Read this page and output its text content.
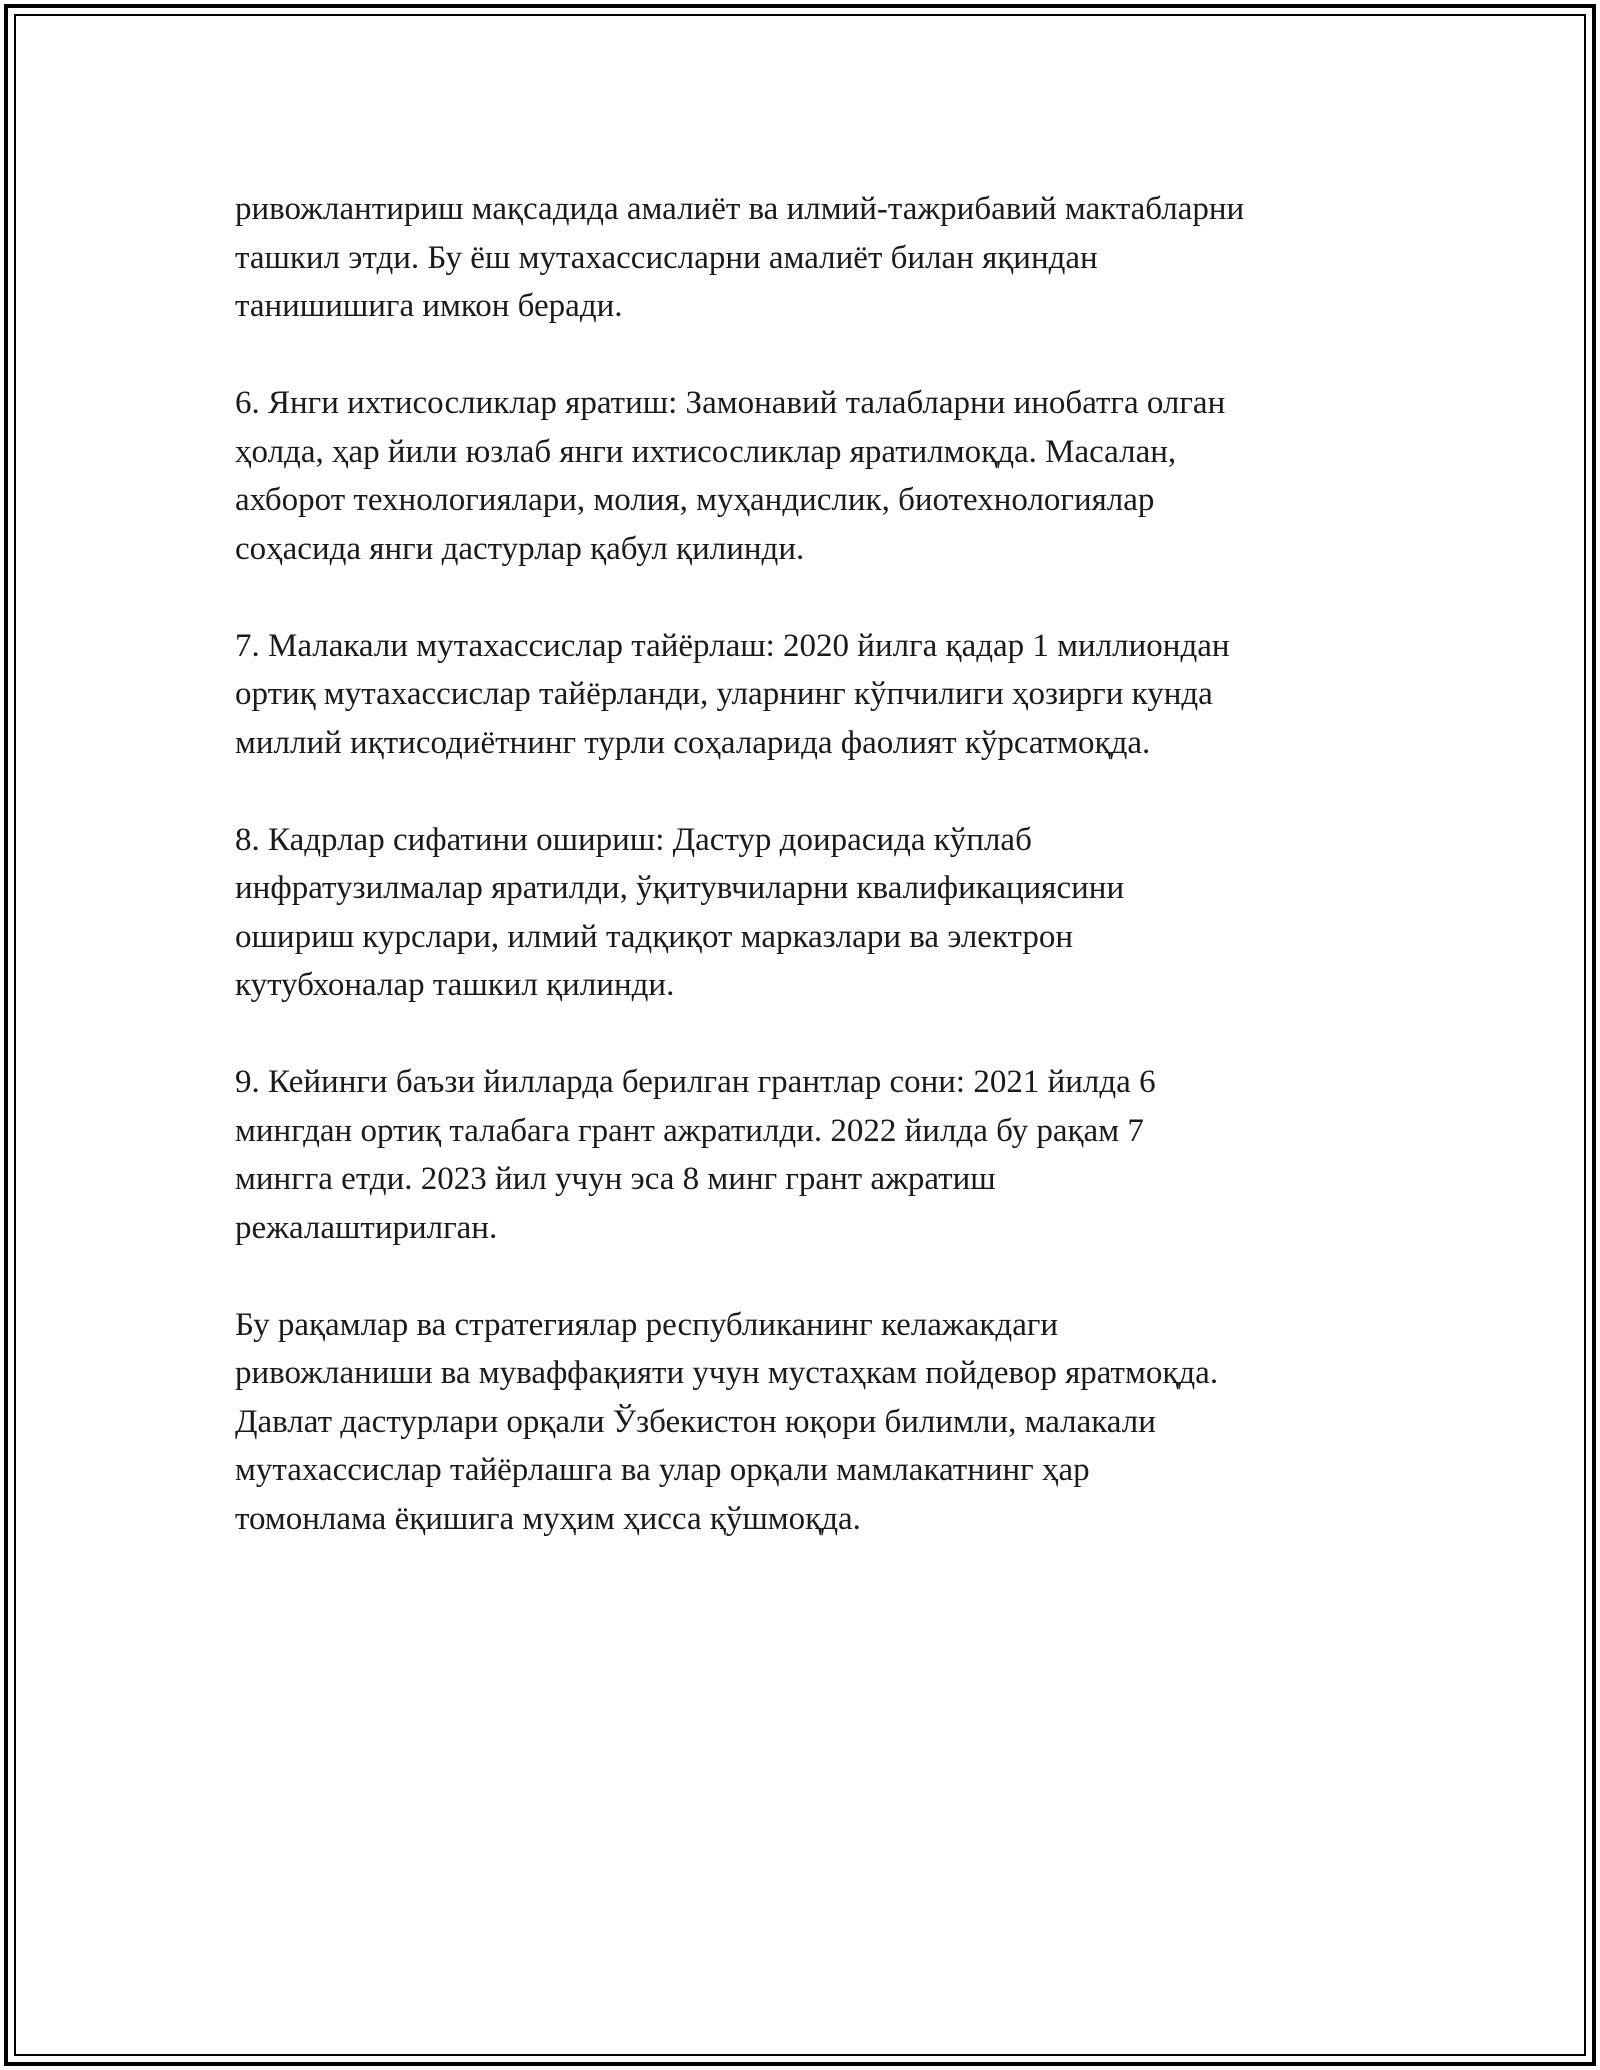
ривожлантириш мақсадида амалиёт ва илмий-тажрибавий мактабларни
ташкил этди. Бу ёш мутахассисларни амалиёт билан яқиндан
танишишига имкон беради.

6. Янги ихтисосликлар яратиш: Замонавий талабларни инобатга олган
ҳолда, ҳар йили юзлаб янги ихтисосликлар яратилмоқда. Масалан,
aхборот технологиялари, молия, муҳандислик, биотехнологиялар
соҳасида янги дастурлар қабул қилинди.

7. Малакали мутахассислар тайёрлаш: 2020 йилга қадар 1 миллиондан
ортиқ мутахассислар тайёрланди, уларнинг кўпчилиги ҳозирги кунда
миллий иқтисодиётнинг турли соҳаларида фаолият кўрсатмоқда.

8. Кадрлар сифатини ошириш: Дастур доирасида кўплаб
инфратузилмалар яратилди, ўқитувчиларни квалификациясини
ошириш курслари, илмий тадқиқот марказлари ва электрон
кутубхоналар ташкил қилинди.

9. Кейинги баъзи йилларда берилган грантлар сони: 2021 йилда 6
мингдан ортиқ талабага грант ажратилди. 2022 йилда бу рақам 7
мингга етди. 2023 йил учун эса 8 минг грант ажратиш
режалаштирилган.

Бу рақамлар ва стратегиялар республиканинг келажакдаги
ривожланиши ва муваффақияти учун мустаҳкам пойдевор яратмоқда.
Давлат дастурлари орқали Ўзбекистон юқори билимли, малакали
мутахассислар тайёрлашга ва улар орқали мамлакатнинг ҳар
томонлама ёқишига муҳим ҳисса қўшмоқда.
